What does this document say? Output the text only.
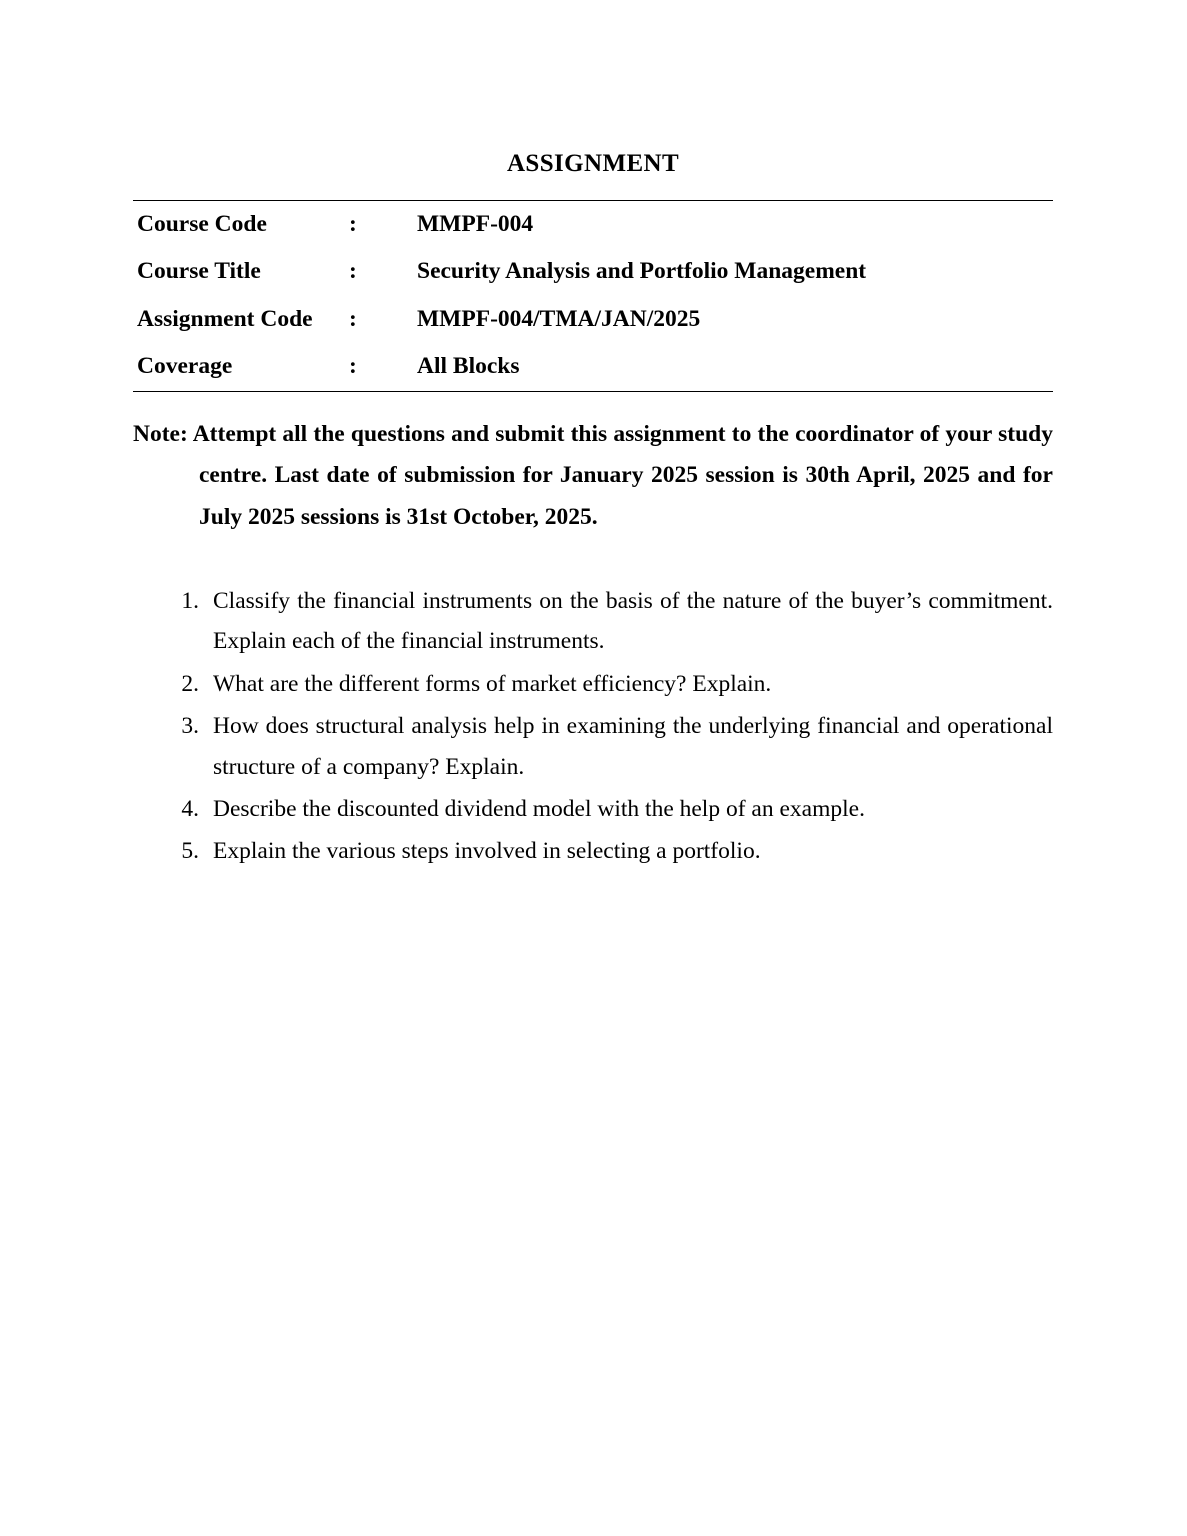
ASSIGNMENT
Course Code	:	MMPF-004
Course Title	:	Security Analysis and Portfolio Management
Assignment Code	:	MMPF-004/TMA/JAN/2025
Coverage	:	All Blocks
Note: Attempt all the questions and submit this assignment to the coordinator of your study centre. Last date of submission for January 2025 session is 30th April, 2025 and for July 2025 sessions is 31st October, 2025.
1. Classify the financial instruments on the basis of the nature of the buyer’s commitment. Explain each of the financial instruments.
2. What are the different forms of market efficiency? Explain.
3. How does structural analysis help in examining the underlying financial and operational structure of a company? Explain.
4. Describe the discounted dividend model with the help of an example.
5. Explain the various steps involved in selecting a portfolio.
